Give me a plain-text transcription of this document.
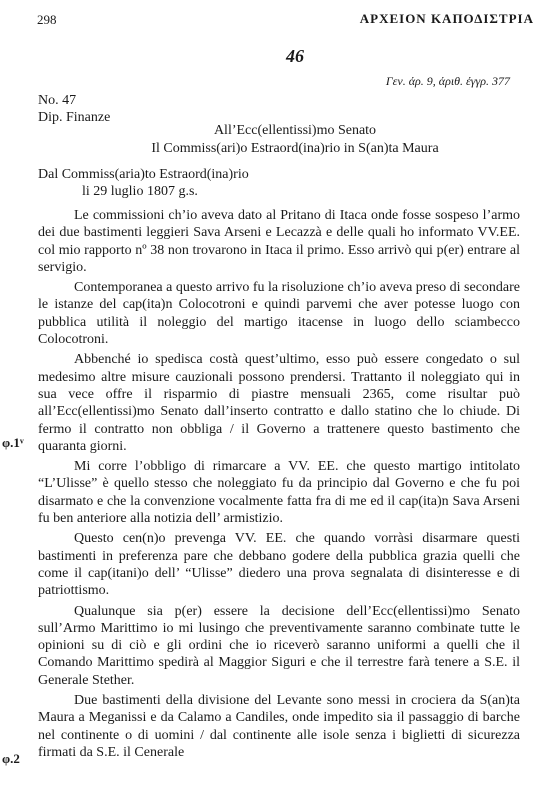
298	ΑΡΧΕΙΟΝ ΚΑΠΟΔΙΣΤΡΙΑ
46
Γεν. άρ. 9, άριθ. έγγρ. 377
No. 47
Dip. Finanze
All’Ecc(ellentissi)mo Senato
Il Commiss(ari)o Estraord(ina)rio in S(an)ta Maura
Dal Commiss(aria)to Estraord(ina)rio
li 29 luglio 1807 g.s.
φ.1ᵛ
φ.2

Le commissioni ch’io aveva dato al Pritano di Itaca onde fosse sospeso l’armo dei due bastimenti leggieri Sava Arseni e Lecazzà e delle quali ho informato VV.EE. col mio rapporto nº 38 non trovarono in Itaca il primo. Esso arrivò qui p(er) entrare al servigio.

Contemporanea a questo arrivo fu la risoluzione ch’io aveva preso di secondare le istanze del cap(ita)n Colocotroni e quindi parvemi che aver potesse luogo con pubblica utilità il noleggio del martigo itacense in luogo dello sciambecco Colocotroni.

Abbenché io spedisca costà quest’ultimo, esso può essere congedato o sul medesimo altre misure cauzionali possono prendersi. Trattanto il noleggiato qui in sua vece offre il risparmio di piastre mensuali 2365, come risultar può all’Ecc(ellentissi)mo Senato dall’inserto contratto e dallo statino che lo chiude. Di fermo il contratto non obbliga / il Governo a trattenere questo bastimento che quaranta giorni.

Mi corre l’obbligo di rimarcare a VV. EE. che questo martigo intitolato “L’Ulisse” è quello stesso che noleggiato fu da principio dal Governo e che fu poi disarmato e che la convenzione vocalmente fatta fra di me ed il cap(ita)n Sava Arseni fu ben anteriore alla notizia dell’ armistizio.

Questo cen(n)o prevenga VV. EE. che quando vorràsi disarmare questi bastimenti in preferenza pare che debbano godere della pubblica grazia quelli che come il cap(itani)o dell’ “Ulisse” diedero una prova segnalata di disinteresse e di patriottismo.

Qualunque sia p(er) essere la decisione dell’Ecc(ellentissi)mo Senato sull’Armo Marittimo io mi lusingo che preventivamente saranno combinate tutte le opinioni su di ciò e gli ordini che io riceverò saranno uniformi a quelli che il Comando Marittimo spedirà al Maggior Siguri e che il terrestre farà tenere a S.E. il Generale Stether.

Due bastimenti della divisione del Levante sono messi in crociera da S(an)ta Maura a Meganissi e da Calamo a Candiles, onde impedito sia il passaggio di barche nel continente o di uomini / dal continente alle isole senza i biglietti di sicurezza firmati da S.E. il Cenerale
